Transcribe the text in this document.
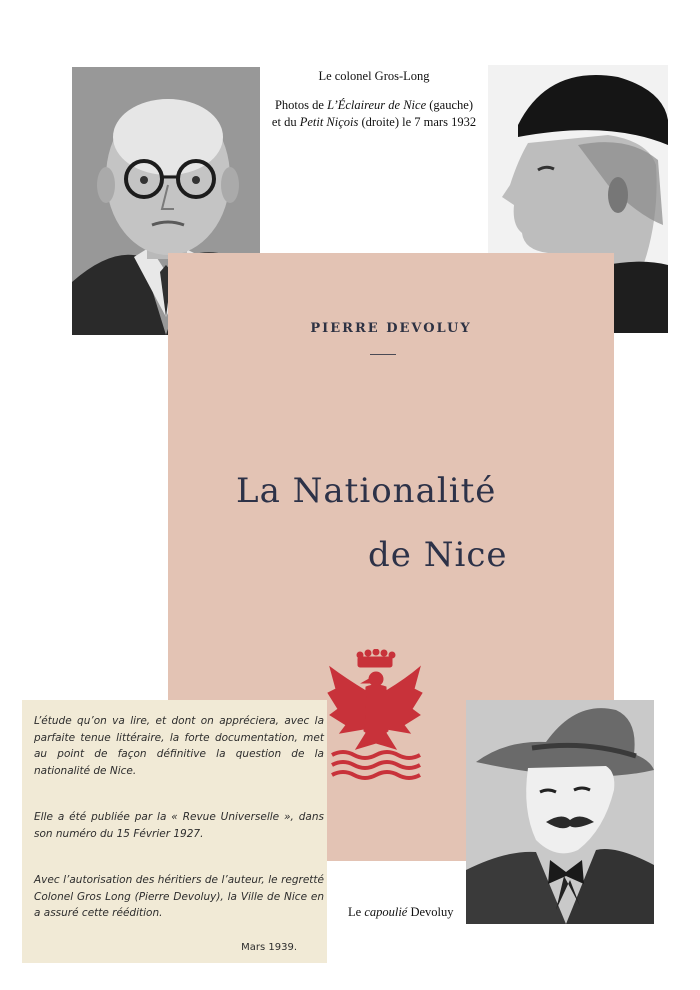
Le colonel Gros-Long
Photos de L’Éclaireur de Nice (gauche)
et du Petit Niçois (droite) le 7 mars 1932
PIERRE DEVOLUY
La Nationalité
de Nice
L’étude qu’on va lire, et dont on appréciera, avec la parfaite tenue littéraire, la forte documentation, met au point de façon définitive la question de la nationalité de Nice.
Elle a été publiée par la « Revue Universelle », dans son numéro du 15 Février 1927.
Avec l’autorisation des héritiers de l’auteur, le regretté Colonel Gros Long (Pierre Devoluy), la Ville de Nice en a assuré cette réédition.
Mars 1939.
Le capoulié Devoluy
